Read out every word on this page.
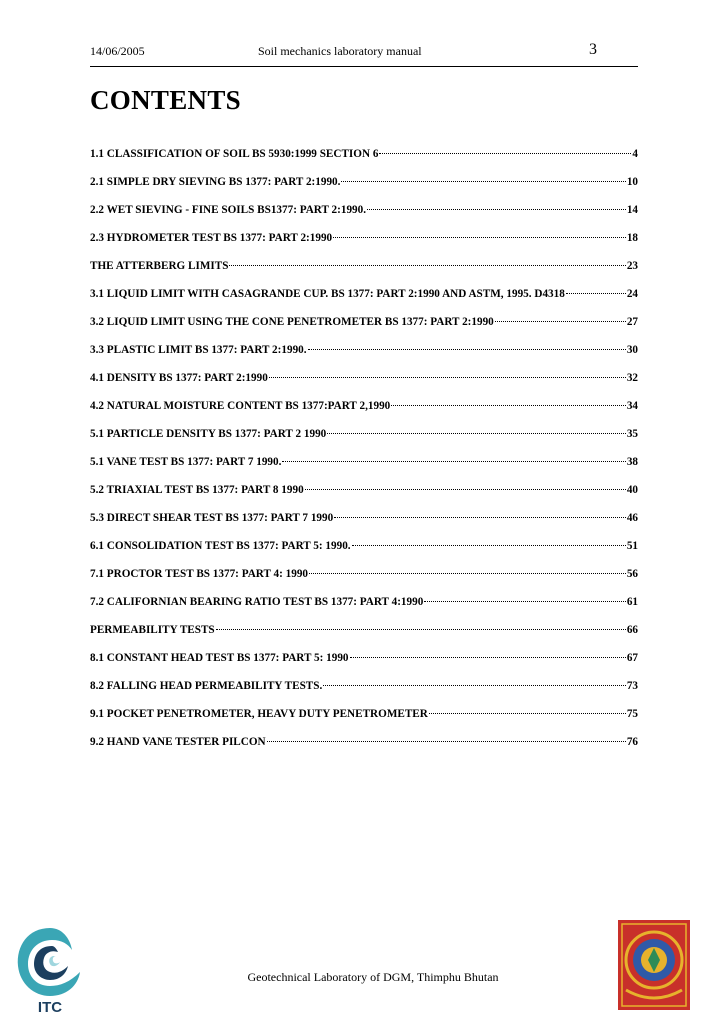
14/06/2005	Soil mechanics laboratory manual	3
CONTENTS
1.1 CLASSIFICATION OF SOIL BS 5930:1999 SECTION 6	4
2.1 SIMPLE DRY SIEVING BS 1377: PART 2:1990.	10
2.2 WET SIEVING - FINE SOILS BS1377: PART 2:1990.	14
2.3 HYDROMETER TEST BS 1377: PART 2:1990	18
THE ATTERBERG LIMITS	23
3.1 LIQUID LIMIT WITH CASAGRANDE CUP. BS 1377: PART 2:1990 AND ASTM, 1995. D4318	24
3.2 LIQUID LIMIT USING THE CONE PENETROMETER BS 1377: PART 2:1990	27
3.3 PLASTIC LIMIT BS 1377: PART 2:1990.	30
4.1 DENSITY BS 1377: PART 2:1990	32
4.2 NATURAL MOISTURE CONTENT BS 1377:PART 2,1990	34
5.1 PARTICLE DENSITY BS 1377: PART 2 1990	35
5.1 VANE TEST BS 1377: PART 7 1990.	38
5.2 TRIAXIAL TEST BS 1377: PART 8 1990	40
5.3 DIRECT SHEAR TEST BS 1377: PART 7 1990	46
6.1 CONSOLIDATION TEST BS 1377: PART 5: 1990.	51
7.1 PROCTOR TEST BS 1377: PART 4: 1990	56
7.2 CALIFORNIAN BEARING RATIO TEST BS 1377: PART 4:1990	61
PERMEABILITY TESTS	66
8.1 CONSTANT HEAD TEST BS 1377: PART 5: 1990	67
8.2 FALLING HEAD PERMEABILITY TESTS.	73
9.1 POCKET PENETROMETER, HEAVY DUTY PENETROMETER	75
9.2 HAND VANE TESTER PILCON	76
ITC
Geotechnical Laboratory of DGM, Thimphu Bhutan
